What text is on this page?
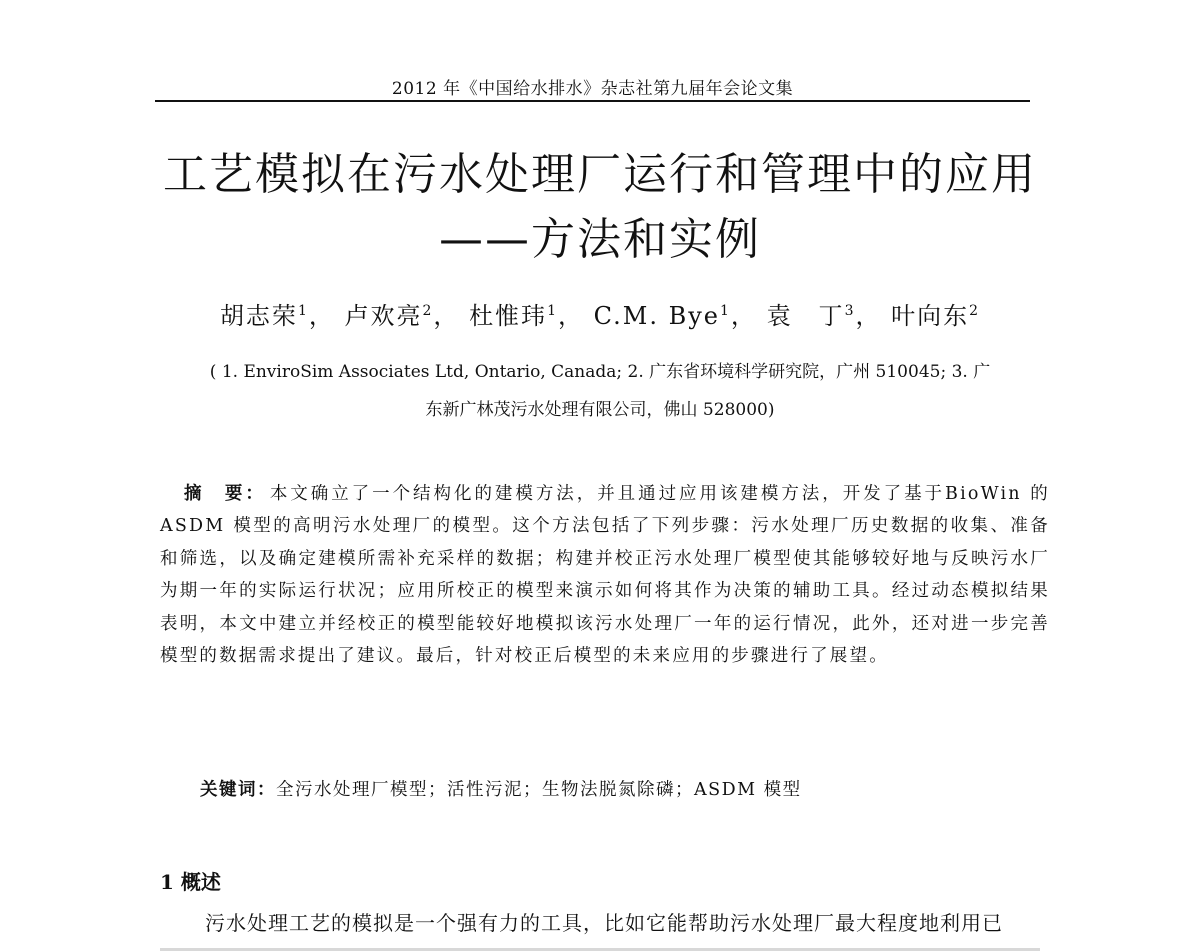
2012 年《中国给水排水》杂志社第九届年会论文集
工艺模拟在污水处理厂运行和管理中的应用
——方法和实例
胡志荣$^1$， 卢欢亮$^2$， 杜惟玮$^1$， C.M. Bye$^1$， 袁　丁$^3$， 叶向东$^2$
( 1. EnviroSim Associates Ltd, Ontario, Canada; 2. 广东省环境科学研究院，广州 510045; 3. 广
东新广林茂污水处理有限公司，佛山 528000)
摘　要： 本文确立了一个结构化的建模方法，并且通过应用该建模方法，开发了基于BioWin 的 ASDM 模型的高明污水处理厂的模型。这个方法包括了下列步骤：污水处理厂历史数据的收集、准备和筛选，以及确定建模所需补充采样的数据；构建并校正污水处理厂模型使其能够较好地与反映污水厂为期一年的实际运行状况；应用所校正的模型来演示如何将其作为决策的辅助工具。经过动态模拟结果表明，本文中建立并经校正的模型能较好地模拟该污水处理厂一年的运行情况，此外，还对进一步完善模型的数据需求提出了建议。最后，针对校正后模型的未来应用的步骤进行了展望。
关键词：全污水处理厂模型；活性污泥；生物法脱氮除磷；ASDM 模型
1 概述
污水处理工艺的模拟是一个强有力的工具，比如它能帮助污水处理厂最大程度地利用已
